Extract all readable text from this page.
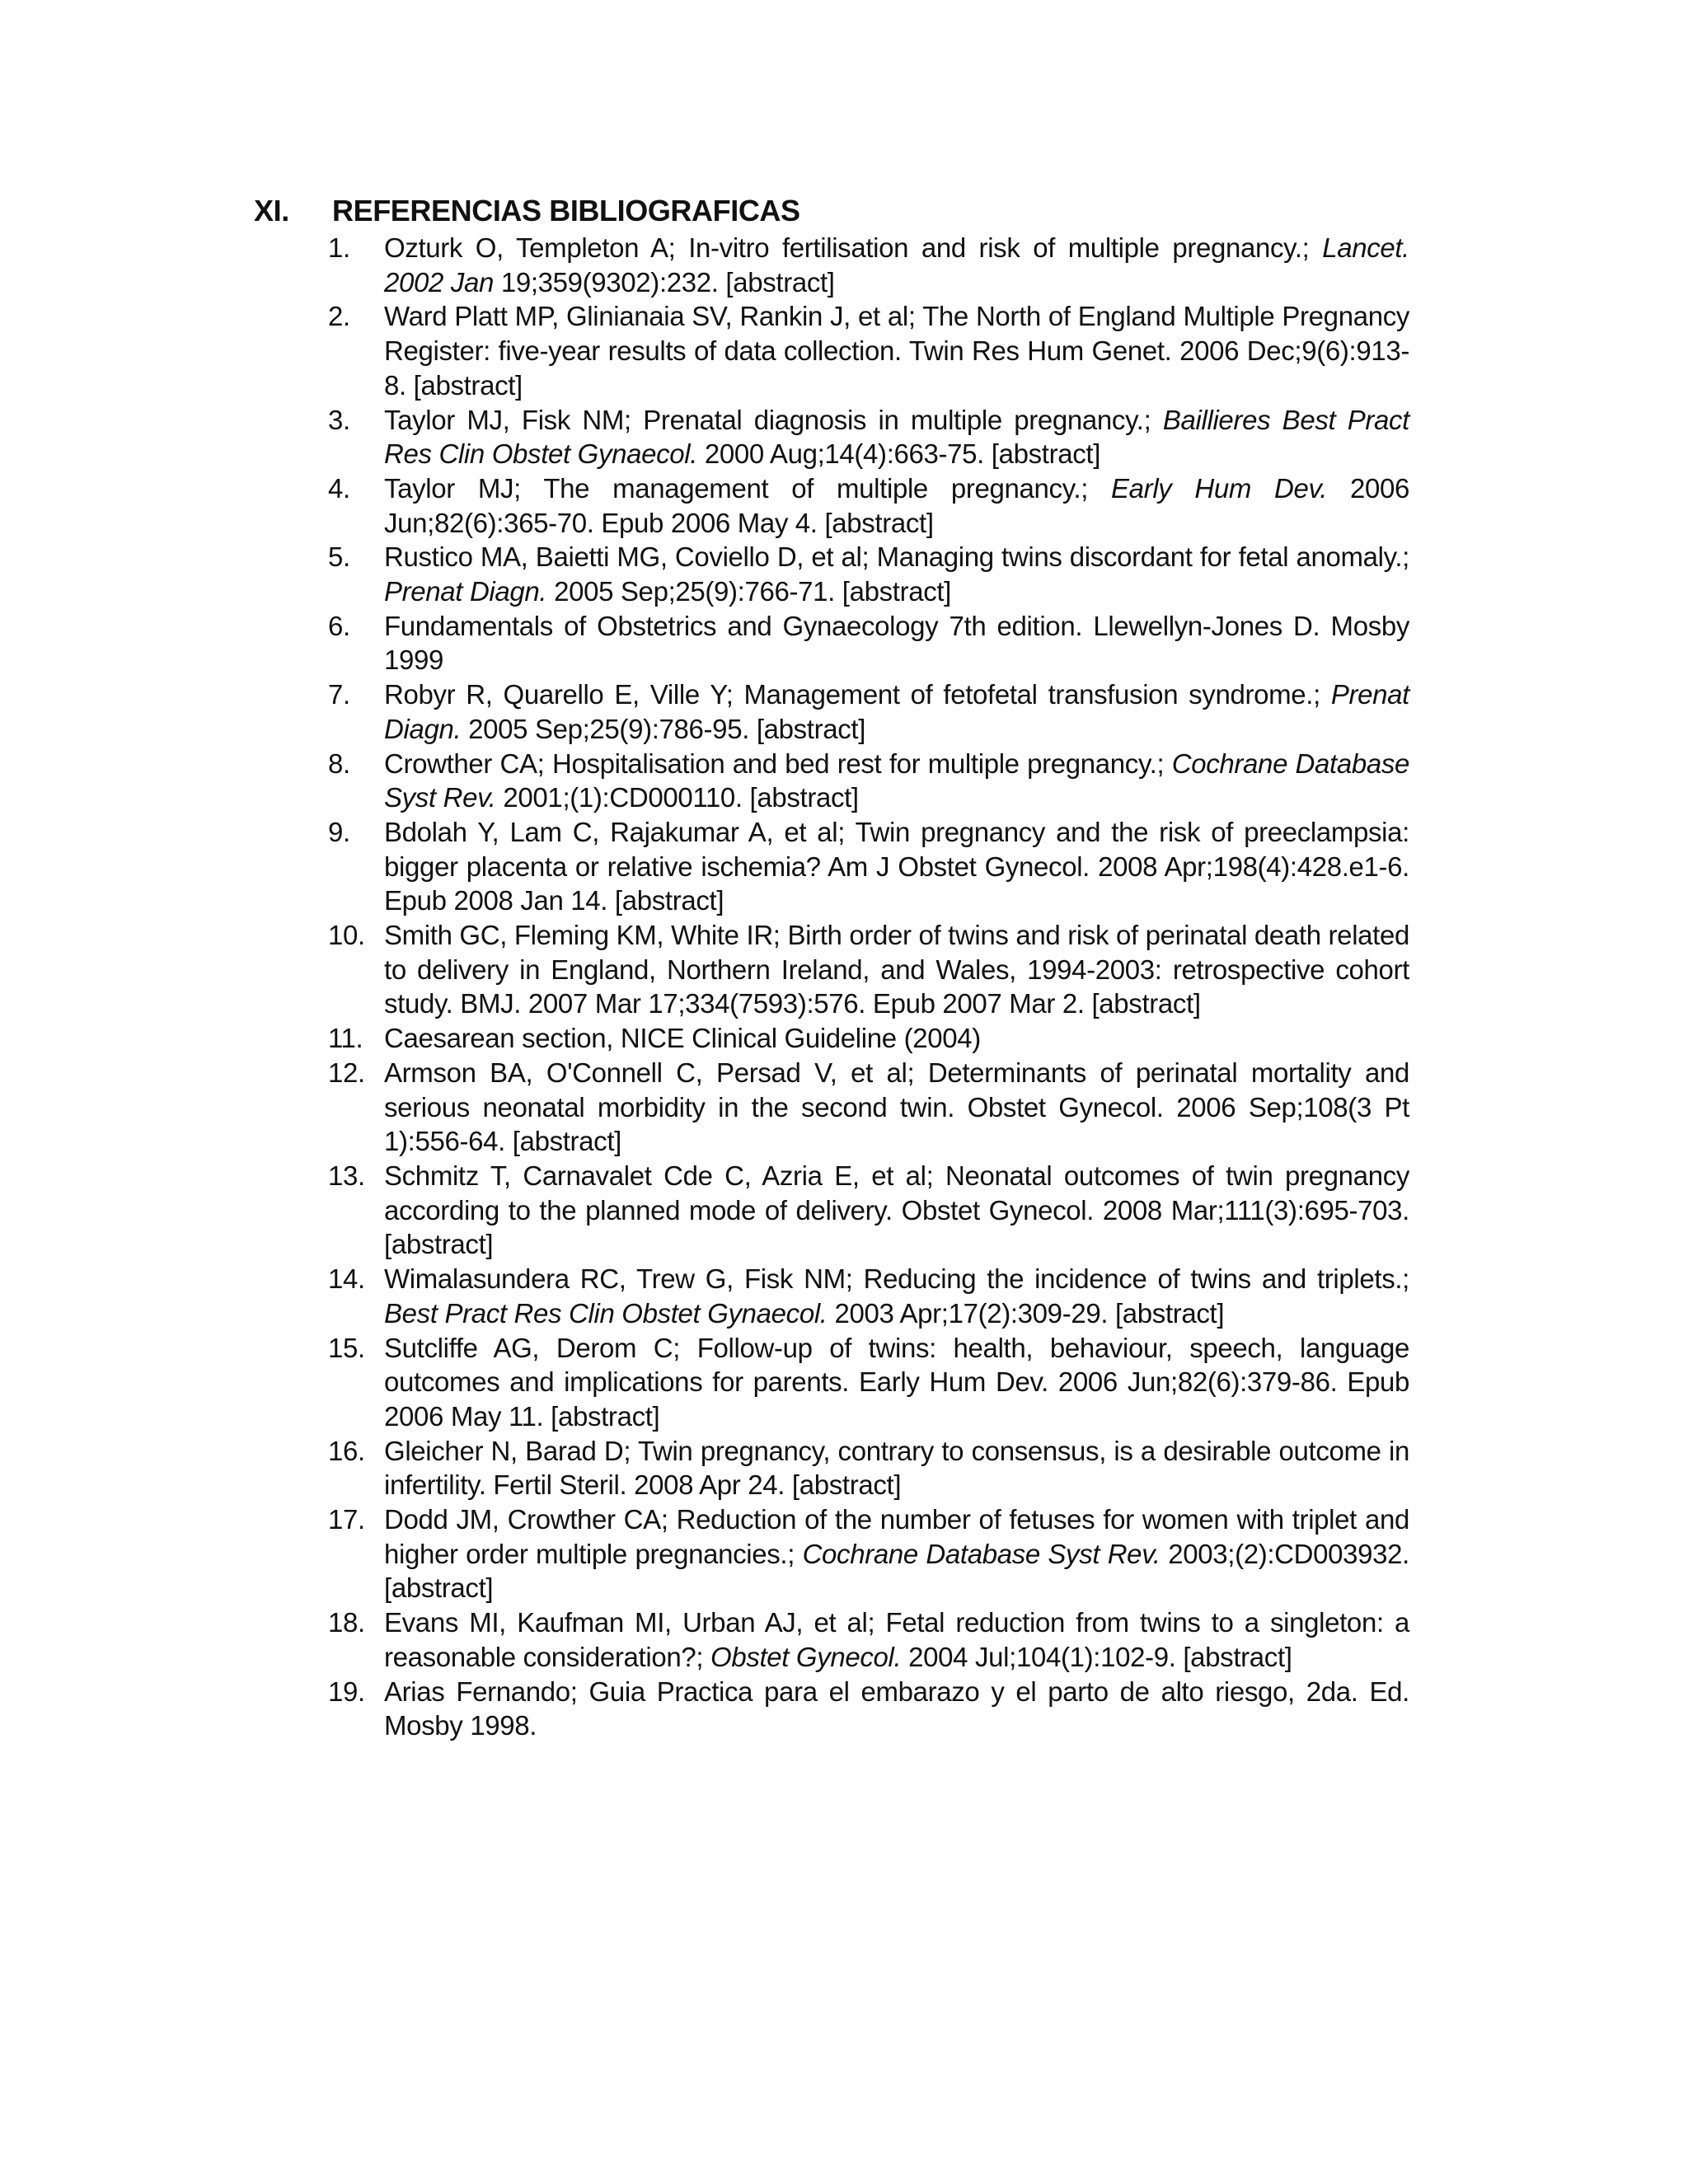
XI.	REFERENCIAS BIBLIOGRAFICAS
1.	Ozturk O, Templeton A; In-vitro fertilisation and risk of multiple pregnancy.; Lancet. 2002 Jan 19;359(9302):232. [abstract]
2.	Ward Platt MP, Glinianaia SV, Rankin J, et al; The North of England Multiple Pregnancy Register: five-year results of data collection. Twin Res Hum Genet. 2006 Dec;9(6):913-8. [abstract]
3.	Taylor MJ, Fisk NM; Prenatal diagnosis in multiple pregnancy.; Baillieres Best Pract Res Clin Obstet Gynaecol. 2000 Aug;14(4):663-75. [abstract]
4.	Taylor MJ; The management of multiple pregnancy.; Early Hum Dev. 2006 Jun;82(6):365-70. Epub 2006 May 4. [abstract]
5.	Rustico MA, Baietti MG, Coviello D, et al; Managing twins discordant for fetal anomaly.; Prenat Diagn. 2005 Sep;25(9):766-71. [abstract]
6.	Fundamentals of Obstetrics and Gynaecology 7th edition. Llewellyn-Jones D. Mosby 1999
7.	Robyr R, Quarello E, Ville Y; Management of fetofetal transfusion syndrome.; Prenat Diagn. 2005 Sep;25(9):786-95. [abstract]
8.	Crowther CA; Hospitalisation and bed rest for multiple pregnancy.; Cochrane Database Syst Rev. 2001;(1):CD000110. [abstract]
9.	Bdolah Y, Lam C, Rajakumar A, et al; Twin pregnancy and the risk of preeclampsia: bigger placenta or relative ischemia? Am J Obstet Gynecol. 2008 Apr;198(4):428.e1-6. Epub 2008 Jan 14. [abstract]
10. Smith GC, Fleming KM, White IR; Birth order of twins and risk of perinatal death related to delivery in England, Northern Ireland, and Wales, 1994-2003: retrospective cohort study. BMJ. 2007 Mar 17;334(7593):576. Epub 2007 Mar 2. [abstract]
11. Caesarean section, NICE Clinical Guideline (2004)
12. Armson BA, O'Connell C, Persad V, et al; Determinants of perinatal mortality and serious neonatal morbidity in the second twin. Obstet Gynecol. 2006 Sep;108(3 Pt 1):556-64. [abstract]
13. Schmitz T, Carnavalet Cde C, Azria E, et al; Neonatal outcomes of twin pregnancy according to the planned mode of delivery. Obstet Gynecol. 2008 Mar;111(3):695-703. [abstract]
14. Wimalasundera RC, Trew G, Fisk NM; Reducing the incidence of twins and triplets.; Best Pract Res Clin Obstet Gynaecol. 2003 Apr;17(2):309-29. [abstract]
15. Sutcliffe AG, Derom C; Follow-up of twins: health, behaviour, speech, language outcomes and implications for parents. Early Hum Dev. 2006 Jun;82(6):379-86. Epub 2006 May 11. [abstract]
16. Gleicher N, Barad D; Twin pregnancy, contrary to consensus, is a desirable outcome in infertility. Fertil Steril. 2008 Apr 24. [abstract]
17. Dodd JM, Crowther CA; Reduction of the number of fetuses for women with triplet and higher order multiple pregnancies.; Cochrane Database Syst Rev. 2003;(2):CD003932. [abstract]
18. Evans MI, Kaufman MI, Urban AJ, et al; Fetal reduction from twins to a singleton: a reasonable consideration?; Obstet Gynecol. 2004 Jul;104(1):102-9. [abstract]
19. Arias Fernando; Guia Practica para el embarazo y el parto de alto riesgo, 2da. Ed. Mosby 1998.
